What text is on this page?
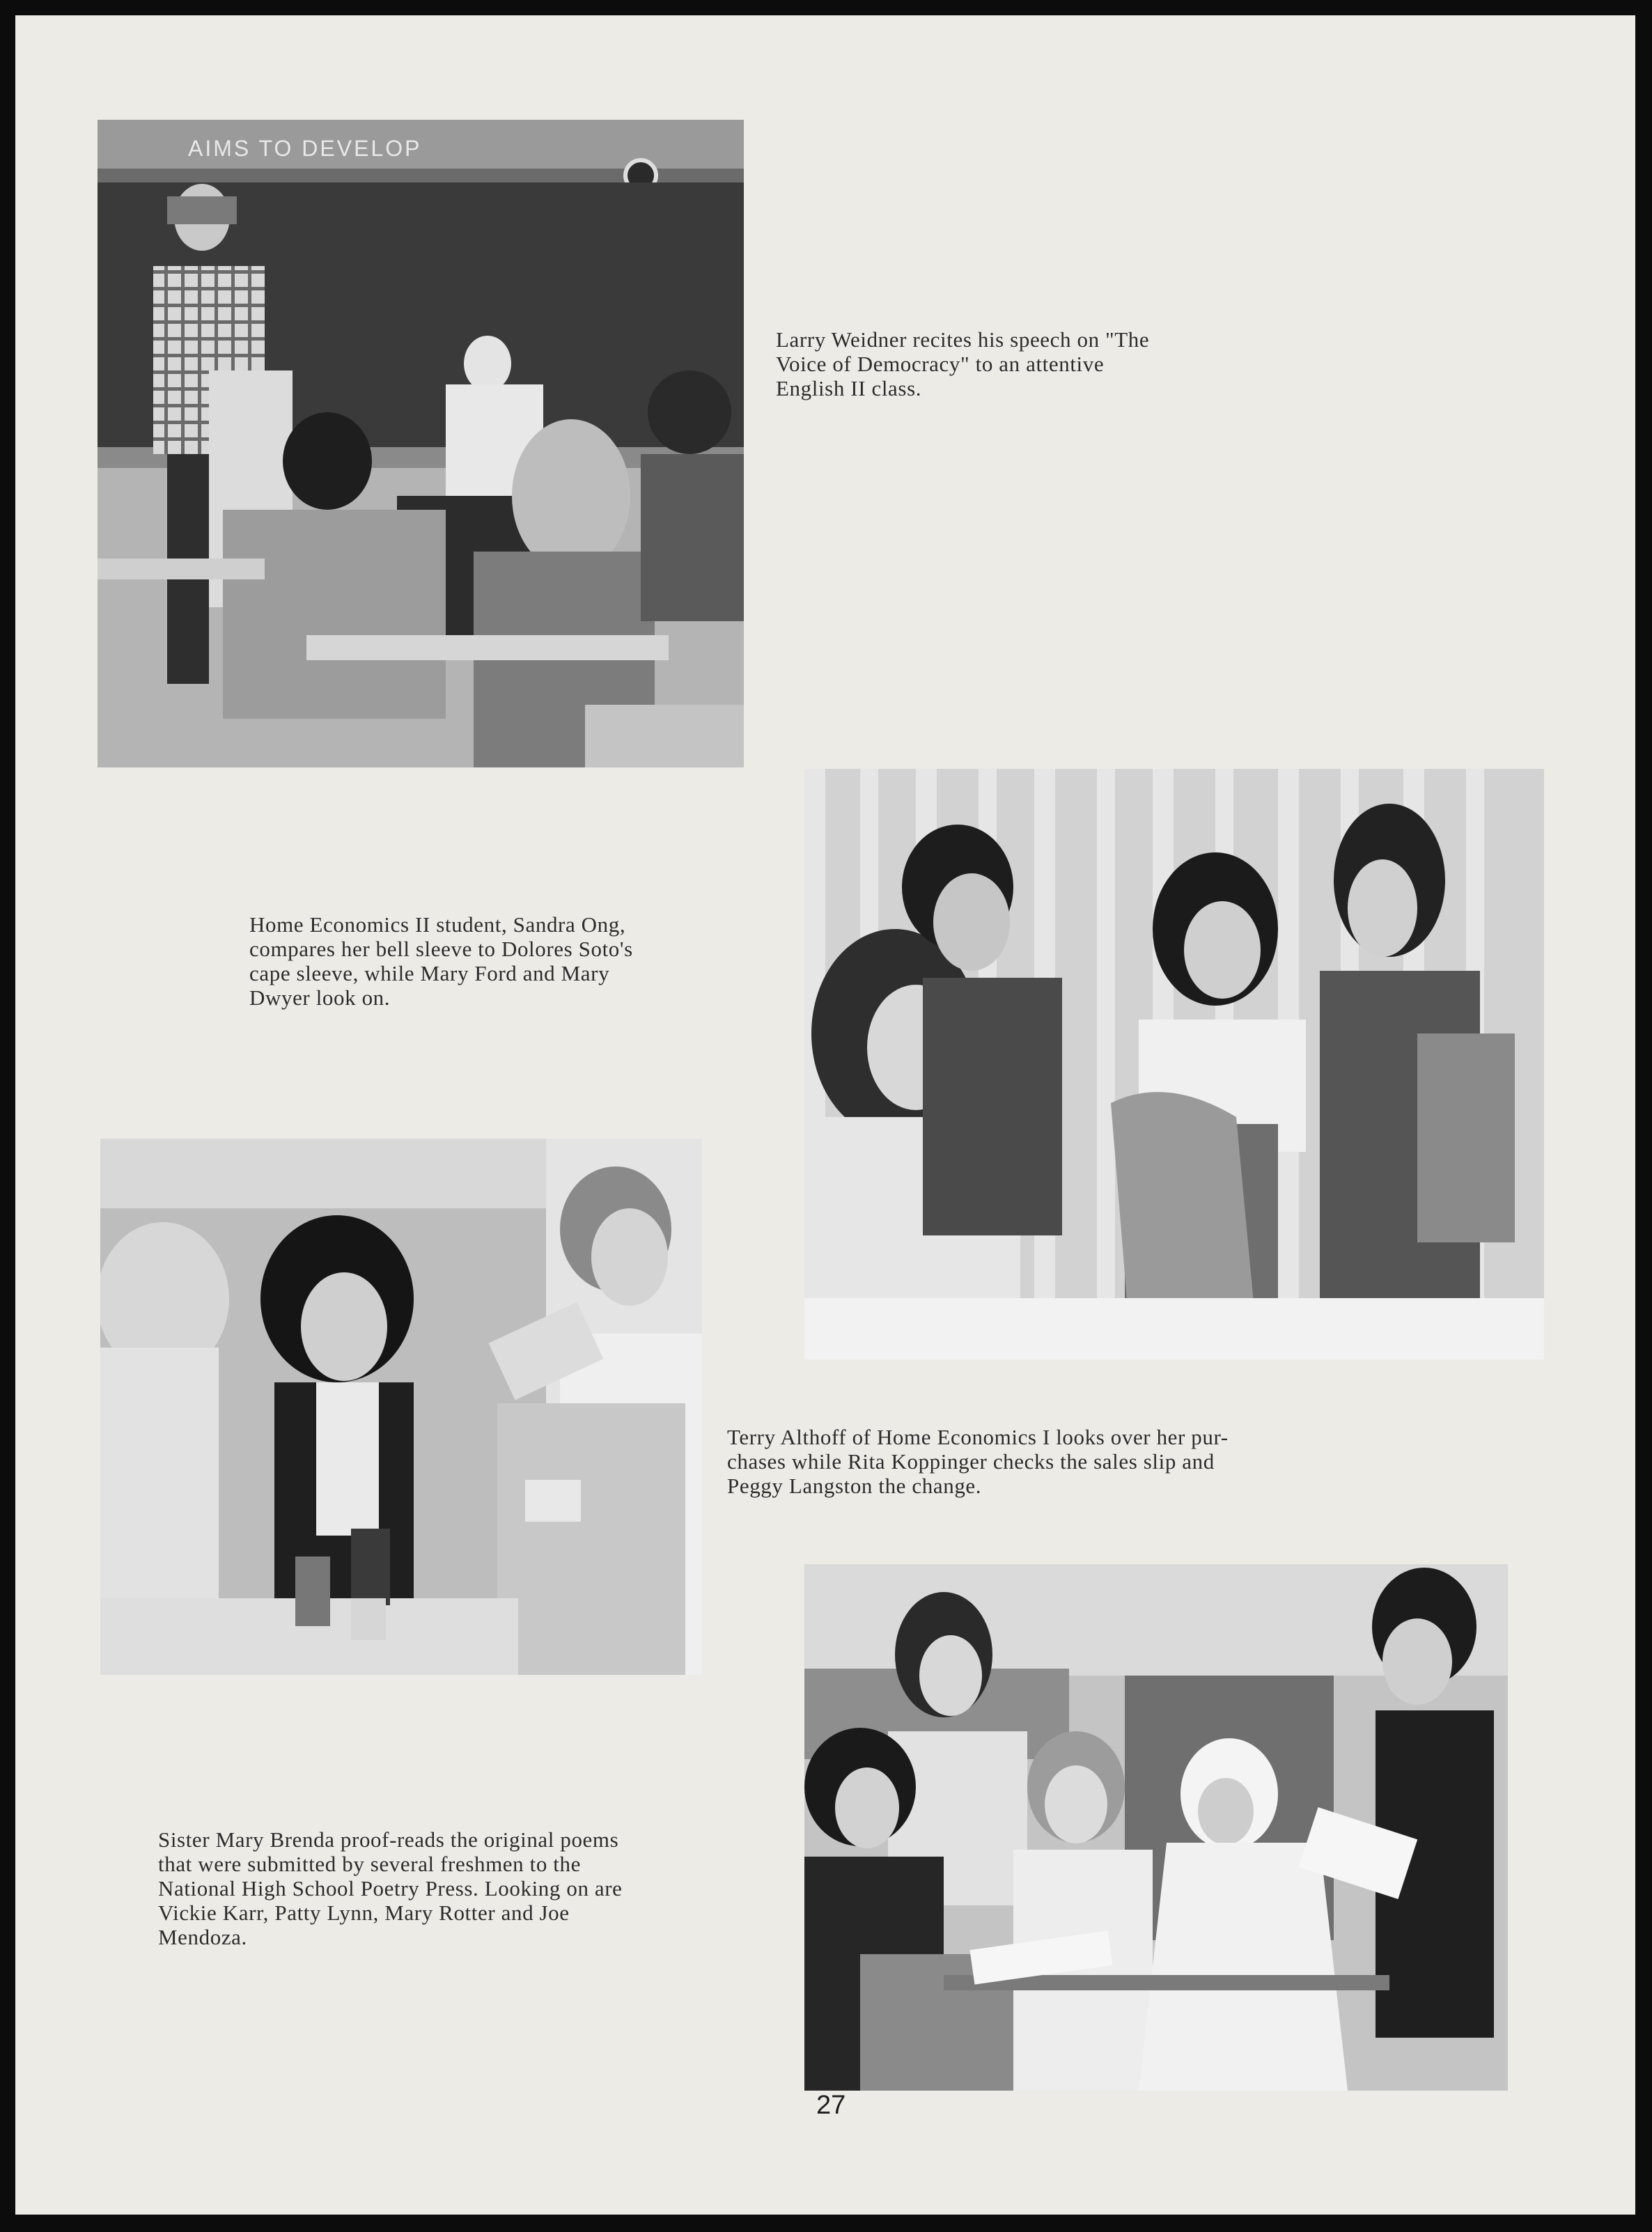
AIMS TO DEVELOP

Larry Weidner recites his speech on "The
Voice of Democracy" to an attentive
English II class.

Home Economics II student, Sandra Ong,
compares her bell sleeve to Dolores Soto's
cape sleeve, while Mary Ford and Mary
Dwyer look on.

Terry Althoff of Home Economics I looks over her pur-
chases while Rita Koppinger checks the sales slip and
Peggy Langston the change.

Sister Mary Brenda proof-reads the original poems
that were submitted by several freshmen to the
National High School Poetry Press. Looking on are
Vickie Karr, Patty Lynn, Mary Rotter and Joe
Mendoza.

27
